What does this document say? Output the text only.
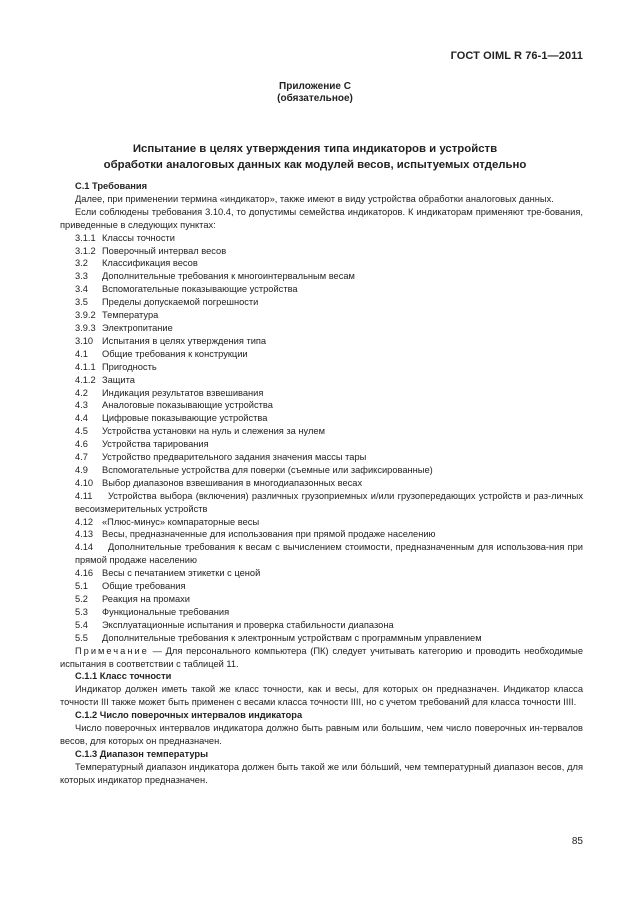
ГОСТ OIML R 76-1—2011
Приложение С
(обязательное)
Испытание в целях утверждения типа индикаторов и устройств
обработки аналоговых данных как модулей весов, испытуемых отдельно

С.1 Требования

Далее, при применении термина «индикатор», также имеют в виду устройства обработки аналоговых данных.

Если соблюдены требования 3.10.4, то допустимы семейства индикаторов. К индикаторам применяют тре-бования, приведенные в следующих пунктах:

3.1.1 Классы точности
3.1.2 Поверочный интервал весов
3.2 Классификация весов
3.3 Дополнительные требования к многоинтервальным весам
3.4 Вспомогательные показывающие устройства
3.5 Пределы допускаемой погрешности
3.9.2 Температура
3.9.3 Электропитание
3.10 Испытания в целях утверждения типа
4.1 Общие требования к конструкции
4.1.1 Пригодность
4.1.2 Защита
4.2 Индикация результатов взвешивания
4.3 Аналоговые показывающие устройства
4.4 Цифровые показывающие устройства
4.5 Устройства установки на нуль и слежения за нулем
4.6 Устройства тарирования
4.7 Устройство предварительного задания значения массы тары
4.9 Вспомогательные устройства для поверки (съемные или зафиксированные)
4.10 Выбор диапазонов взвешивания в многодиапазонных весах
4.11 Устройства выбора (включения) различных грузоприемных и/или грузопередающих устройств и раз-личных весоизмерительных устройств
4.12 «Плюс-минус» компараторные весы
4.13 Весы, предназначенные для использования при прямой продаже населению
4.14 Дополнительные требования к весам с вычислением стоимости, предназначенным для использова-ния при прямой продаже населению
4.16 Весы с печатанием этикетки с ценой
5.1 Общие требования
5.2 Реакция на промахи
5.3 Функциональные требования
5.4 Эксплуатационные испытания и проверка стабильности диапазона
5.5 Дополнительные требования к электронным устройствам с программным управлением

Примечание — Для персонального компьютера (ПК) следует учитывать категорию и проводить необходимые испытания в соответствии с таблицей 11.

С.1.1 Класс точности

Индикатор должен иметь такой же класс точности, как и весы, для которых он предназначен. Индикатор класса точности III также может быть применен с весами класса точности IIII, но с учетом требований для класса точности IIII.

С.1.2 Число поверочных интервалов индикатора

Число поверочных интервалов индикатора должно быть равным или большим, чем число поверочных ин-тервалов весов, для которых он предназначен.

С.1.3 Диапазон температуры

Температурный диапазон индикатора должен быть такой же или бóльший, чем температурный диапазон весов, для которых индикатор предназначен.

85
